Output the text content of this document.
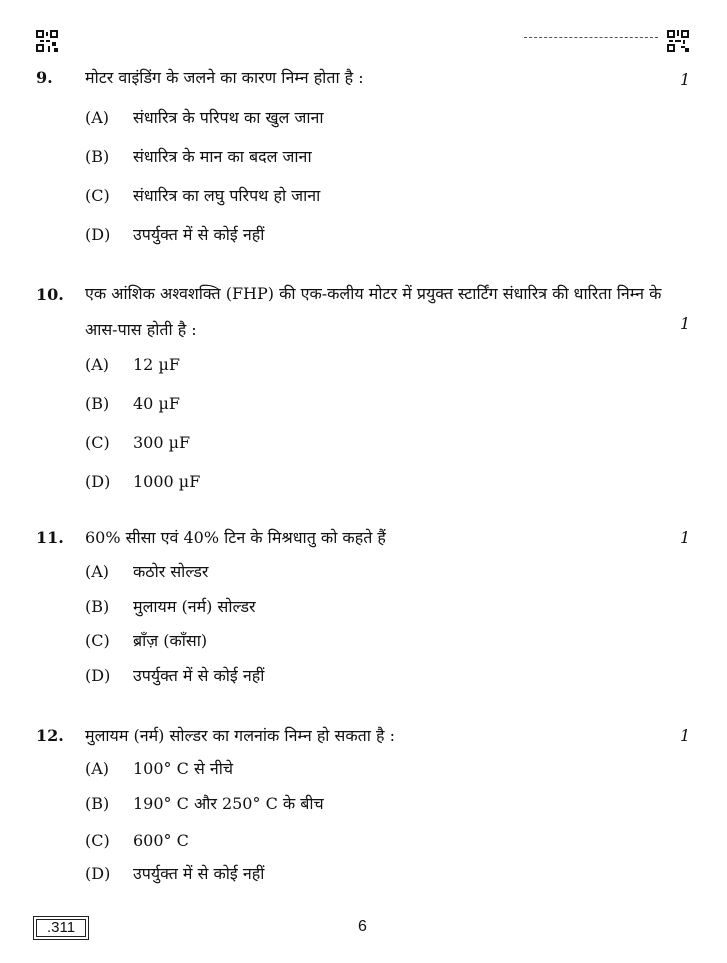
9. मोटर वाइंडिंग के जलने का कारण निम्न होता है :	1
(A)	संधारित्र के परिपथ का खुल जाना
(B)	संधारित्र के मान का बदल जाना
(C)	संधारित्र का लघु परिपथ हो जाना
(D)	उपर्युक्त में से कोई नहीं
10. एक आंशिक अश्वशक्ति (FHP) की एक-कलीय मोटर में प्रयुक्त स्टार्टिंग संधारित्र की धारिता निम्न के आस-पास होती है :	1
(A)	12 µF
(B)	40 µF
(C)	300 µF
(D)	1000 µF
11. 60% सीसा एवं 40% टिन के मिश्रधातु को कहते हैं	1
(A)	कठोर सोल्डर
(B)	मुलायम (नर्म) सोल्डर
(C)	ब्राँज़ (काँसा)
(D)	उपर्युक्त में से कोई नहीं
12. मुलायम (नर्म) सोल्डर का गलनांक निम्न हो सकता है :	1
(A)	100° C से नीचे
(B)	190° C और 250° C के बीच
(C)	600° C
(D)	उपर्युक्त में से कोई नहीं
.311	6
